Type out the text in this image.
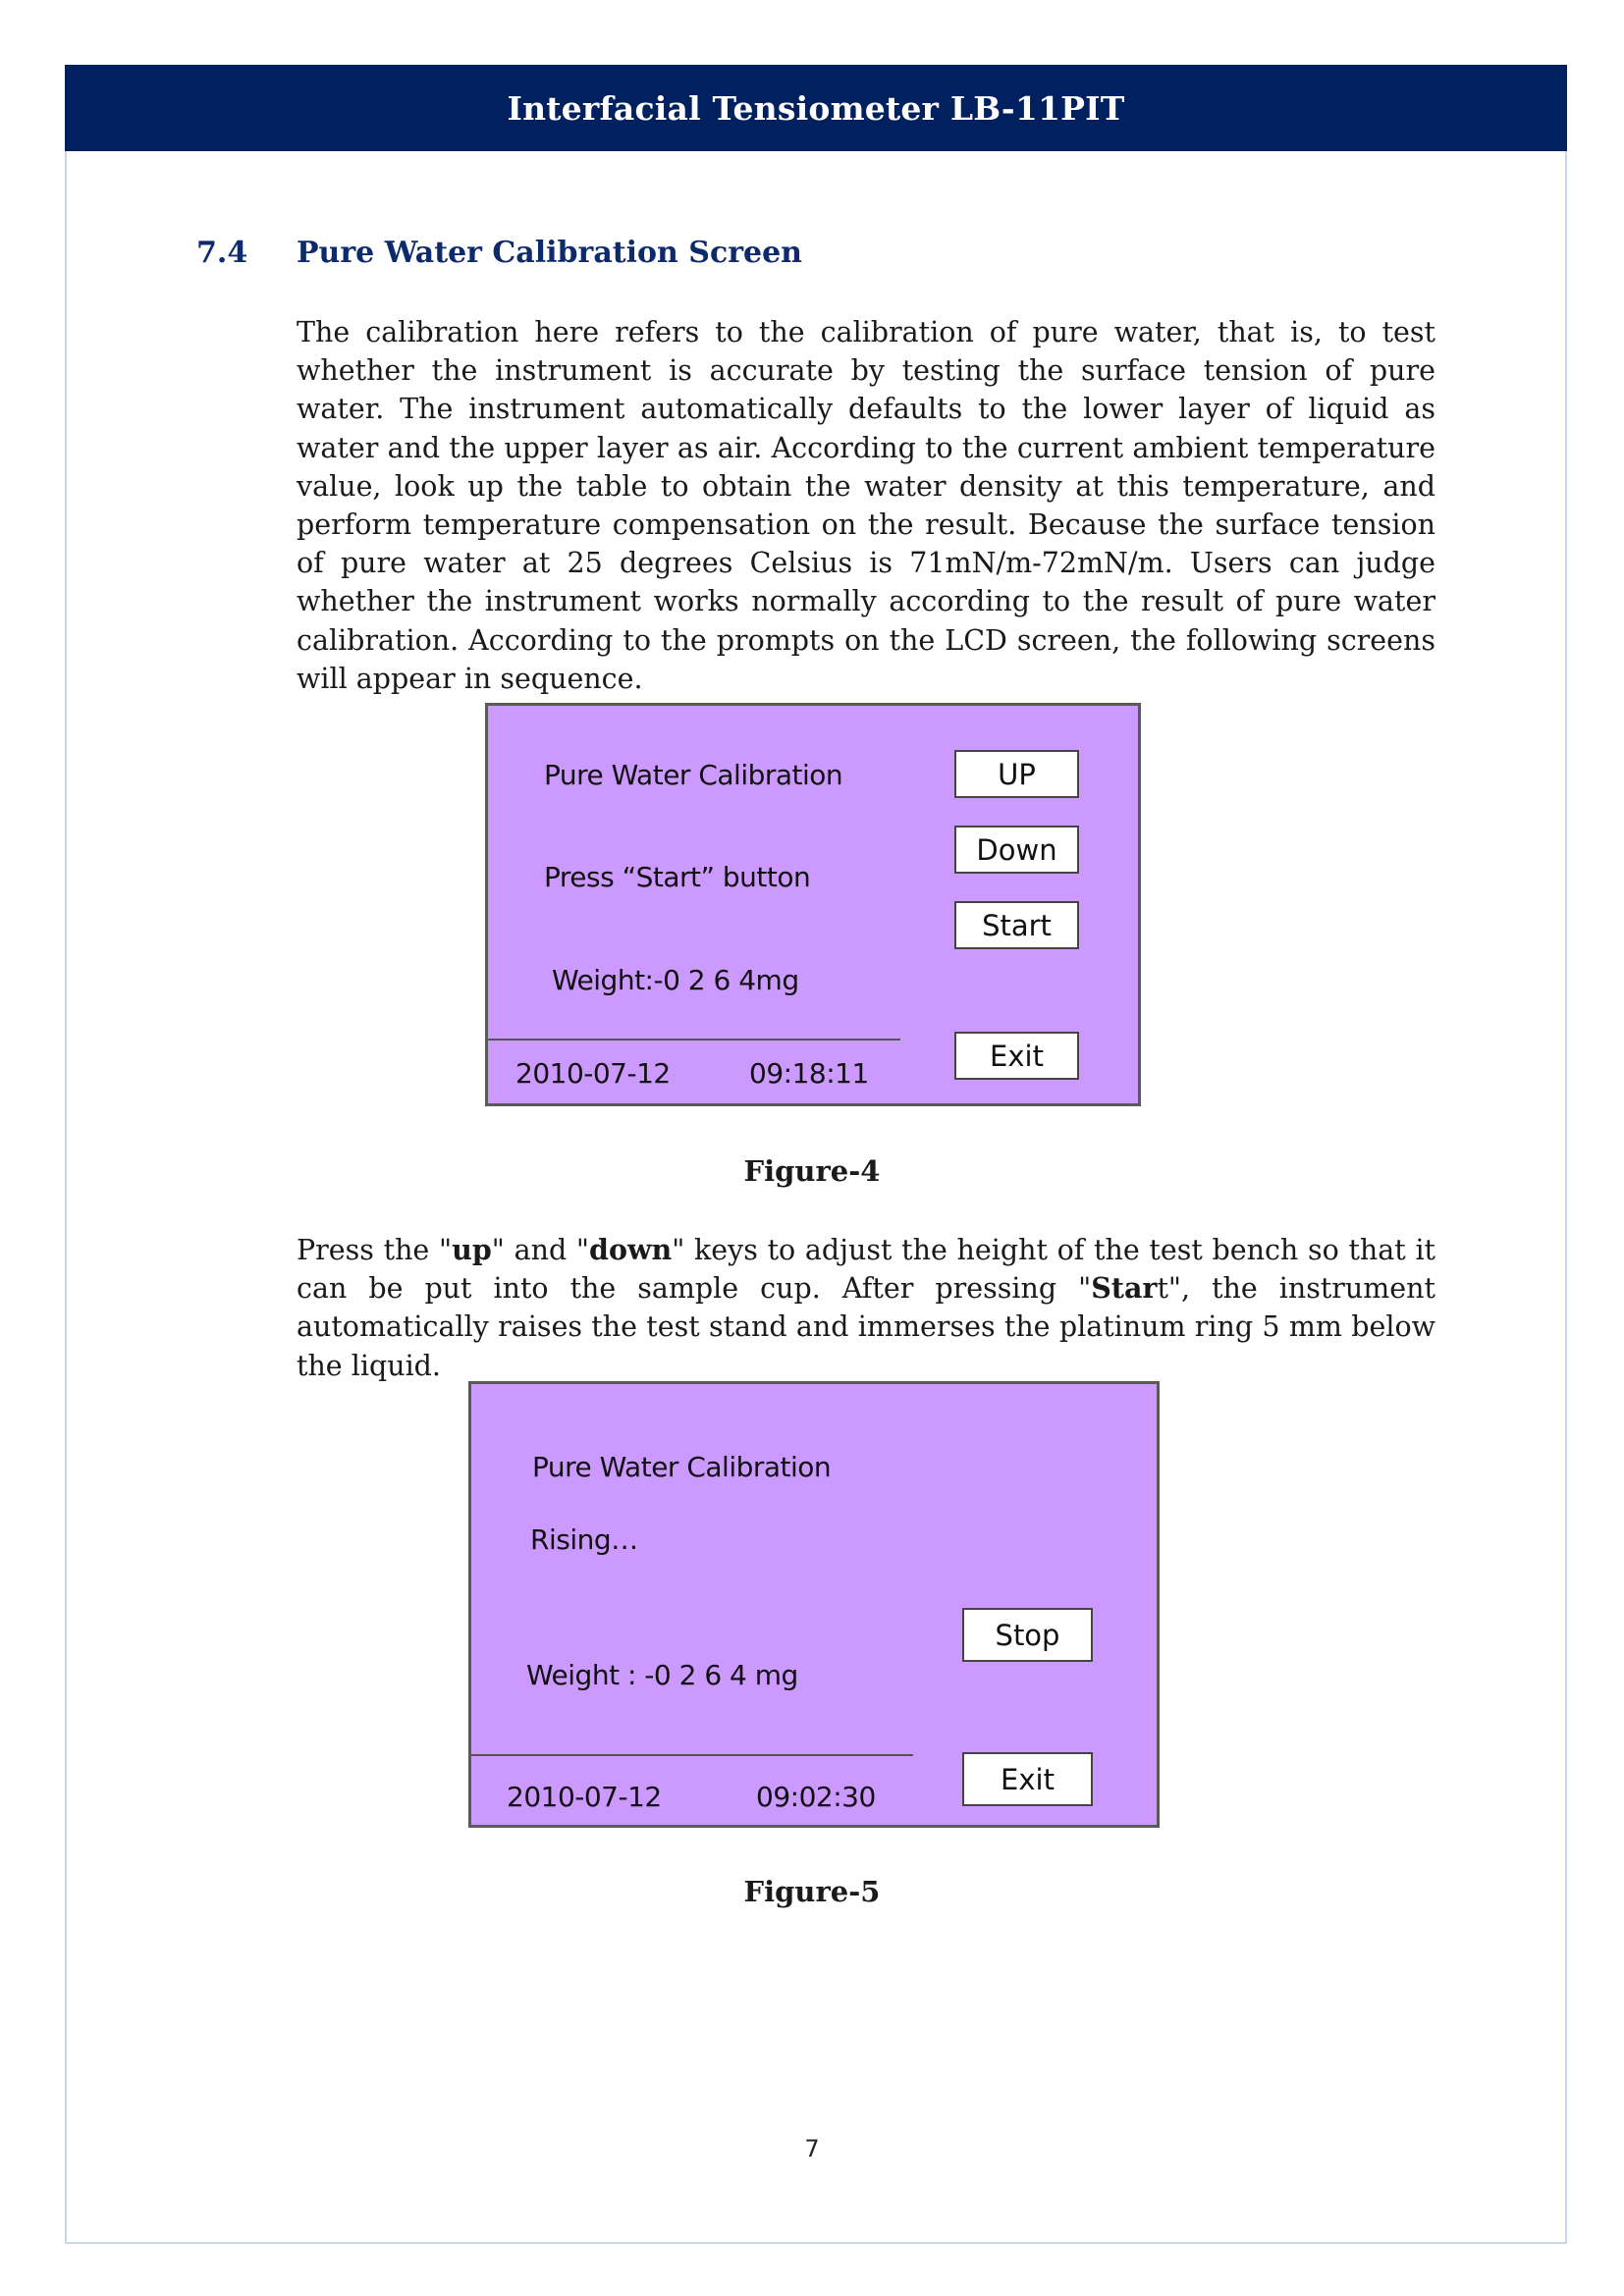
Interfacial Tensiometer LB-11PIT
7.4 Pure Water Calibration Screen

The calibration here refers to the calibration of pure water, that is, to test whether the instrument is accurate by testing the surface tension of pure water. The instrument automatically defaults to the lower layer of liquid as water and the upper layer as air. According to the current ambient temperature value, look up the table to obtain the water density at this temperature, and perform temperature compensation on the result. Because the surface tension of pure water at 25 degrees Celsius is 71mN/m-72mN/m. Users can judge whether the instrument works normally according to the result of pure water calibration. According to the prompts on the LCD screen, the following screens will appear in sequence.

Pure Water Calibration
Press “Start” button
Weight:-0 2 6 4mg
2010-07-12	09:18:11
UP
Down
Start
Exit
Figure-4

Press the "up" and "down" keys to adjust the height of the test bench so that it can be put into the sample cup. After pressing "Start", the instrument automatically raises the test stand and immerses the platinum ring 5 mm below the liquid.

Pure Water Calibration
Rising…
Weight : -0 2 6 4 mg
2010-07-12	09:02:30
Stop
Exit
Figure-5
7
